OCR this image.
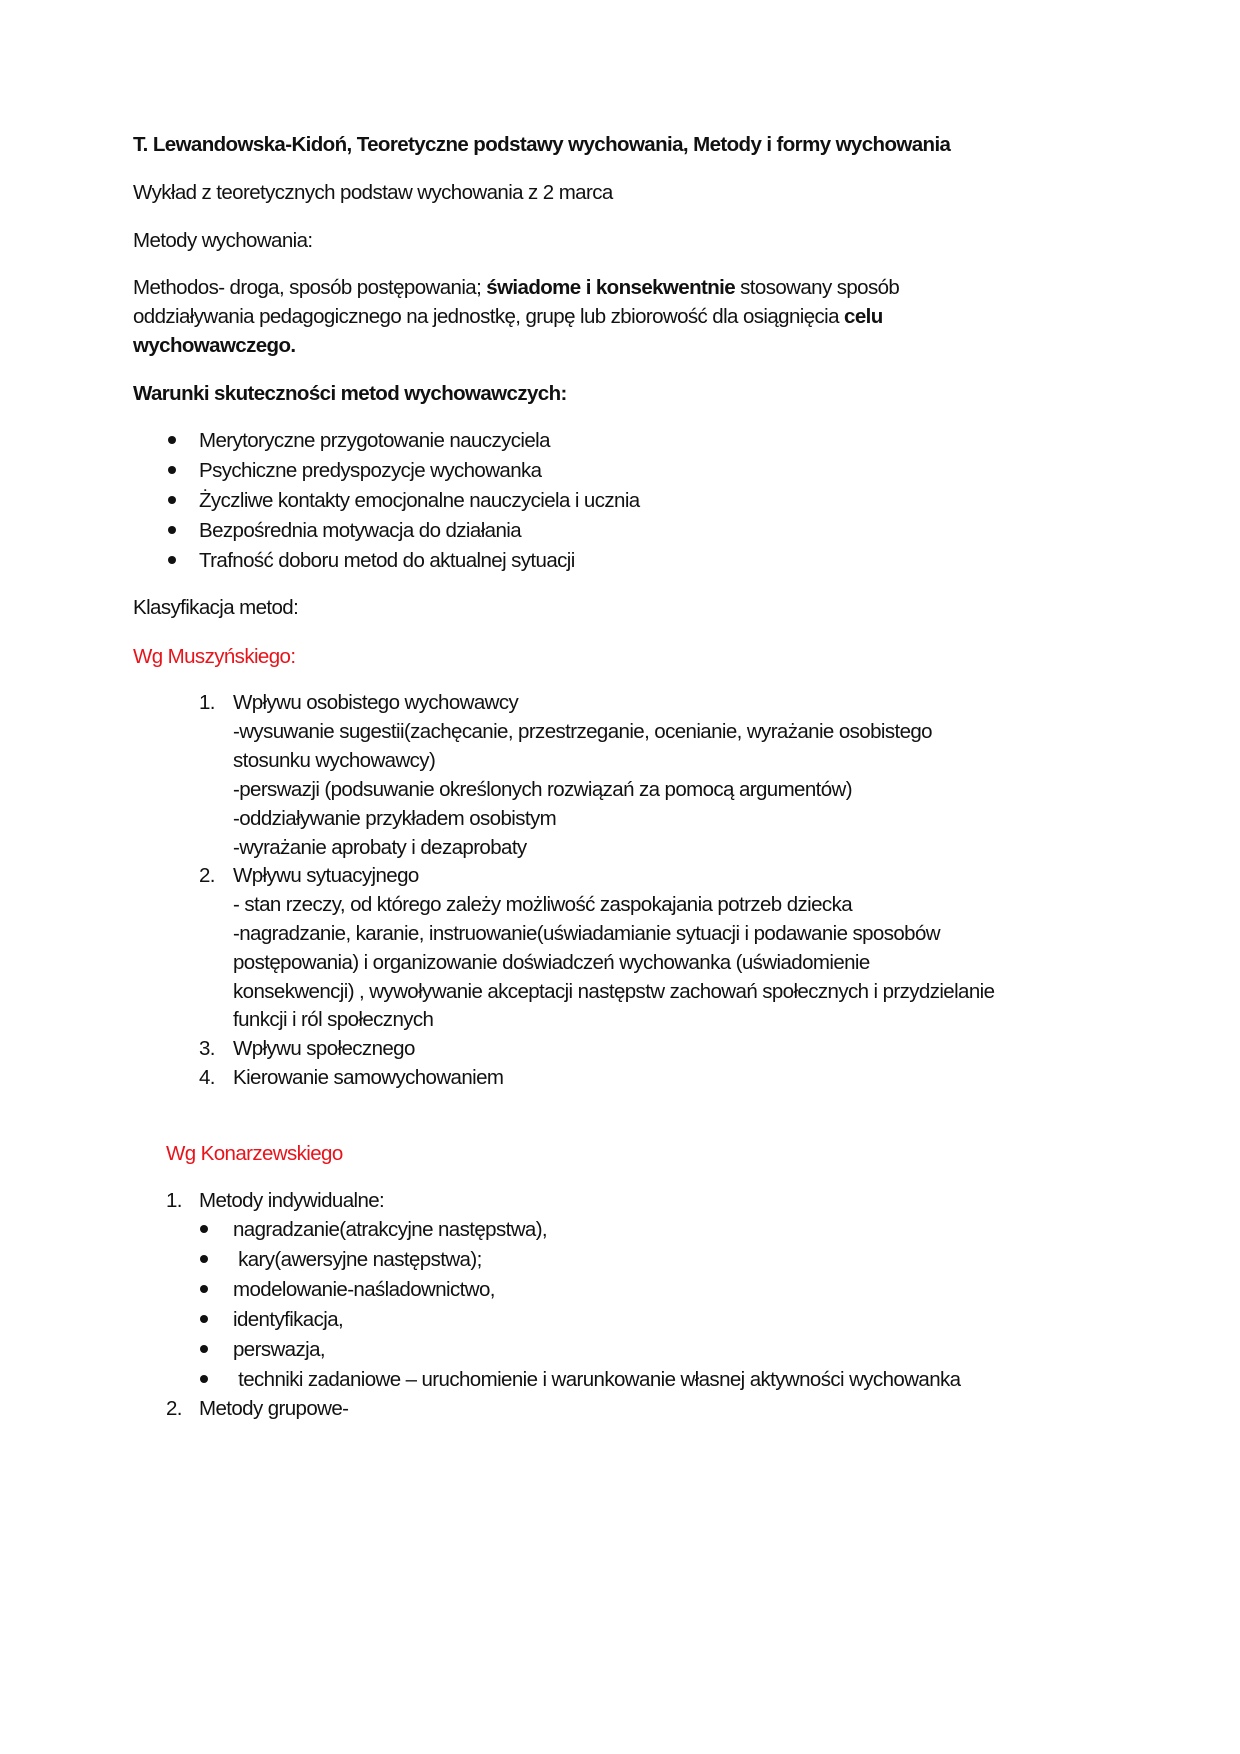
T. Lewandowska-Kidoń, Teoretyczne podstawy wychowania, Metody i formy wychowania
Wykład z teoretycznych podstaw wychowania z 2 marca
Metody wychowania:
Methodos- droga, sposób postępowania; świadome i konsekwentnie stosowany sposób
oddziaływania pedagogicznego na jednostkę, grupę lub zbiorowość dla osiągnięcia celu
wychowawczego.
Warunki skuteczności metod wychowawczych:
Merytoryczne przygotowanie nauczyciela
Psychiczne predyspozycje wychowanka
Życzliwe kontakty emocjonalne nauczyciela i ucznia
Bezpośrednia motywacja do działania
Trafność doboru metod do aktualnej sytuacji
Klasyfikacja metod:
Wg Muszyńskiego:
1. Wpływu osobistego wychowawcy
-wysuwanie sugestii(zachęcanie, przestrzeganie, ocenianie, wyrażanie osobistego
stosunku wychowawcy)
-perswazji (podsuwanie określonych rozwiązań za pomocą argumentów)
-oddziaływanie przykładem osobistym
-wyrażanie aprobaty i dezaprobaty
2. Wpływu sytuacyjnego
- stan rzeczy, od którego zależy możliwość zaspokajania potrzeb dziecka
-nagradzanie, karanie, instruowanie(uświadamianie sytuacji i podawanie sposobów
postępowania) i organizowanie doświadczeń wychowanka (uświadomienie
konsekwencji) , wywoływanie akceptacji następstw zachowań społecznych i przydzielanie
funkcji i ról społecznych
3. Wpływu społecznego
4. Kierowanie samowychowaniem
Wg Konarzewskiego
1. Metody indywidualne:
nagradzanie(atrakcyjne następstwa),
kary(awersyjne następstwa);
modelowanie-naśladownictwo,
identyfikacja,
perswazja,
techniki zadaniowe – uruchomienie i warunkowanie własnej aktywności wychowanka
2. Metody grupowe-
